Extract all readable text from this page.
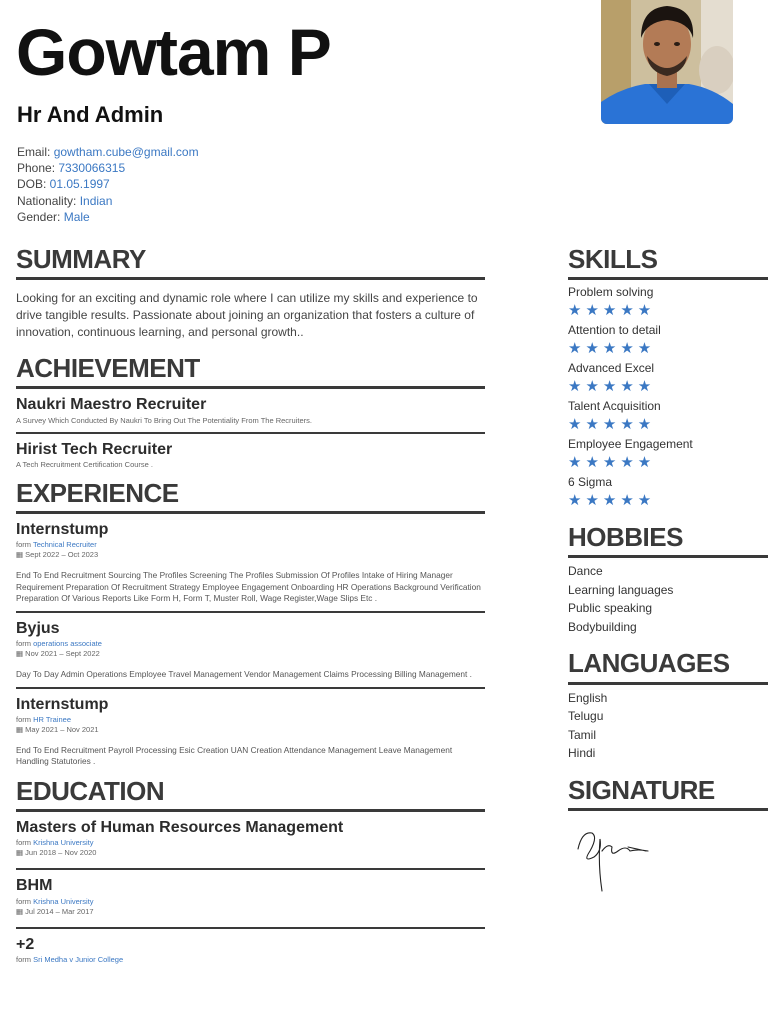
Gowtam P
Hr And Admin
Email: gowtham.cube@gmail.com
Phone: 7330066315
DOB: 01.05.1997
Nationality: Indian
Gender: Male
SUMMARY
Looking for an exciting and dynamic role where I can utilize my skills and experience to drive tangible results. Passionate about joining an organization that fosters a culture of innovation, continuous learning, and personal growth..
ACHIEVEMENT
Naukri Maestro Recruiter
A Survey Which Conducted By Naukri To Bring Out The Potentiality From The Recruiters.
Hirist Tech Recruiter
A Tech Recruitment Certification Course .
EXPERIENCE
Internstump
form Technical Recruiter
▦ Sept 2022 – Oct 2023
End To End Recruitment Sourcing The Profiles Screening The Profiles Submission Of Profiles Intake of Hiring Manager Requirement Preparation Of Recruitment Strategy Employee Engagement Onboarding HR Operations Background Verification Preparation Of Various Reports Like Form H, Form T, Muster Roll, Wage Register,Wage Slips Etc .
Byjus
form operations associate
▦ Nov 2021 – Sept 2022
Day To Day Admin Operations Employee Travel Management Vendor Management Claims Processing Billing Management .
Internstump
form HR Trainee
▦ May 2021 – Nov 2021
End To End Recruitment Payroll Processing Esic Creation UAN Creation Attendance Management Leave Management Handling Statutories .
EDUCATION
Masters of Human Resources Management
form Krishna University
▦ Jun 2018 – Nov 2020
BHM
form Krishna University
▦ Jul 2014 – Mar 2017
+2
form Sri Medha v Junior College
SKILLS
Problem solving
★★★★★
Attention to detail
★★★★★
Advanced Excel
★★★★★
Talent Acquisition
★★★★★
Employee Engagement
★★★★★
6 Sigma
★★★★★
HOBBIES
Dance
Learning languages
Public speaking
Bodybuilding
LANGUAGES
English
Telugu
Tamil
Hindi
SIGNATURE
